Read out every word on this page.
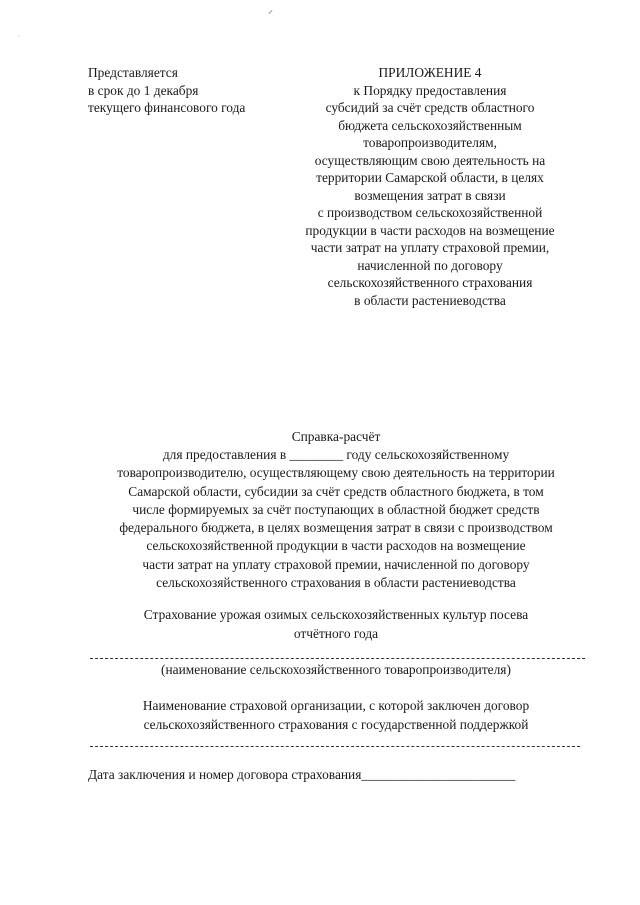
⸝
·
Представляется
в срок до 1 декабря
текущего финансового года
ПРИЛОЖЕНИЕ 4
к Порядку предоставления
субсидий за счёт средств областного
бюджета сельскохозяйственным
товаропроизводителям,
осуществляющим свою деятельность на
территории Самарской области, в целях
возмещения затрат в связи
с производством сельскохозяйственной
продукции в части расходов на возмещение
части затрат на уплату страховой премии,
начисленной по договору
сельскохозяйственного страхования
в области растениеводства
Справка-расчёт
для предоставления в ________ году сельскохозяйственному
товаропроизводителю, осуществляющему свою деятельность на территории
Самарской области, субсидии за счёт средств областного бюджета, в том
числе формируемых за счёт поступающих в областной бюджет средств
федерального бюджета, в целях возмещения затрат в связи с производством
сельскохозяйственной продукции в части расходов на возмещение
части затрат на уплату страховой премии, начисленной по договору
сельскохозяйственного страхования в области растениеводства
Страхование урожая озимых сельскохозяйственных культур посева
отчётного года
(наименование сельскохозяйственного товаропроизводителя)
Наименование страховой организации, с которой заключен договор
сельскохозяйственного страхования с государственной поддержкой
Дата заключения и номер договора страхования_______________________
